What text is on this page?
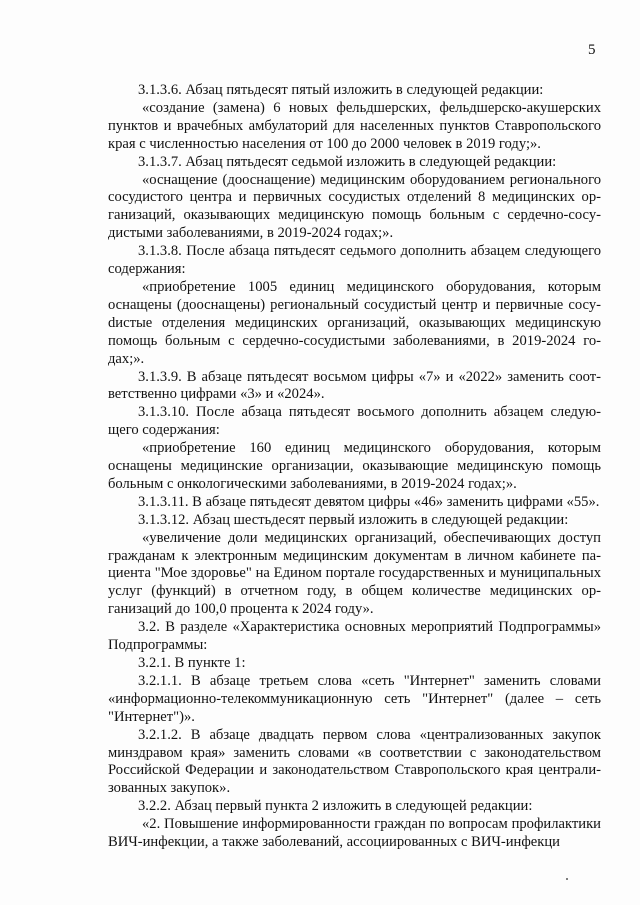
5

3.1.3.6. Абзац пятьдесят пятый изложить в следующей редакции:

«создание (замена) 6 новых фельдшерских, фельдшерско-акушерских пунктов и врачебных амбулаторий для населенных пунктов Ставропольского края с численностью населения от 100 до 2000 человек в 2019 году;».

3.1.3.7. Абзац пятьдесят седьмой изложить в следующей редакции:

«оснащение (дооснащение) медицинским оборудованием регионального сосудистого центра и первичных сосудистых отделений 8 медицинских организаций, оказывающих медицинскую помощь больным с сердечно-сосудистыми заболеваниями, в 2019-2024 годах;».

3.1.3.8. После абзаца пятьдесят седьмого дополнить абзацем следующего содержания:

«приобретение 1005 единиц медицинского оборудования, которым оснащены (дооснащены) региональный сосудистый центр и первичные сосуdистые отделения медицинских организаций, оказывающих медицинскую помощь больным с сердечно-сосудистыми заболеваниями, в 2019-2024 годах;».

3.1.3.9. В абзаце пятьдесят восьмом цифры «7» и «2022» заменить соответственно цифрами «3» и «2024».

3.1.3.10. После абзаца пятьдесят восьмого дополнить абзацем следующего содержания:

«приобретение 160 единиц медицинского оборудования, которым оснащены медицинские организации, оказывающие медицинскую помощь больным с онкологическими заболеваниями, в 2019-2024 годах;».

3.1.3.11. В абзаце пятьдесят девятом цифры «46» заменить цифрами «55».

3.1.3.12. Абзац шестьдесят первый изложить в следующей редакции:

«увеличение доли медицинских организаций, обеспечивающих доступ гражданам к электронным медицинским документам в личном кабинете пациента "Мое здоровье" на Едином портале государственных и муниципальных услуг (функций) в отчетном году, в общем количестве медицинских организаций до 100,0 процента к 2024 году».

3.2. В разделе «Характеристика основных мероприятий Подпрограммы» Подпрограммы:

3.2.1. В пункте 1:

3.2.1.1. В абзаце третьем слова «сеть "Интернет" заменить словами «информационно-телекоммуникационную сеть "Интернет" (далее – сеть "Интернет")».

3.2.1.2. В абзаце двадцать первом слова «централизованных закупок минздравом края» заменить словами «в соответствии с законодательством Российской Федерации и законодательством Ставропольского края централизованных закупок».

3.2.2. Абзац первый пункта 2 изложить в следующей редакции:

«2. Повышение информированности граждан по вопросам профилактики ВИЧ-инфекции, а также заболеваний, ассоциированных с ВИЧ-инфекци
